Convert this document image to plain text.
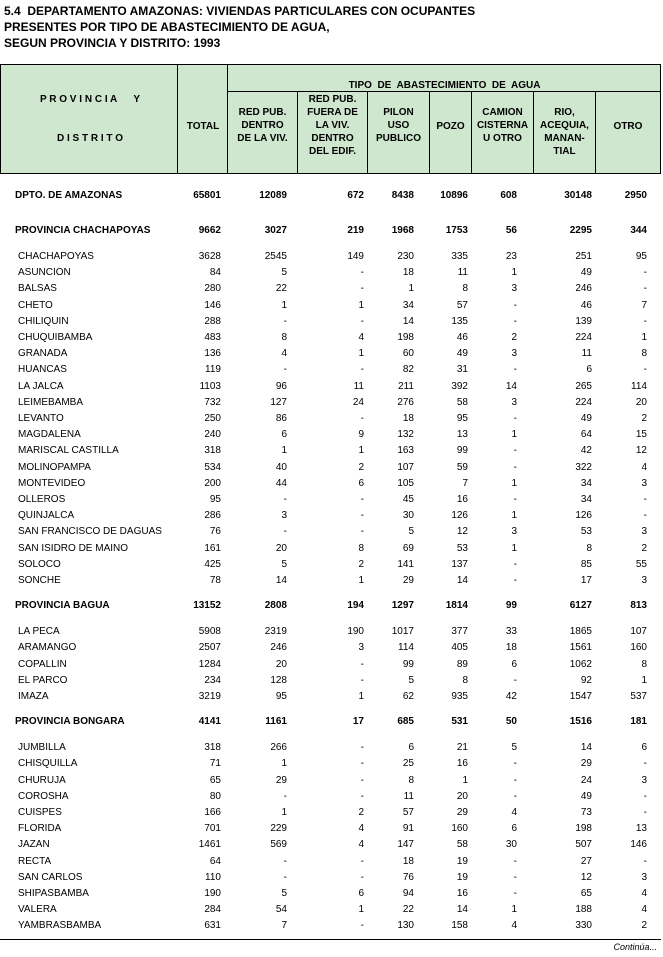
5.4  DEPARTAMENTO AMAZONAS: VIVIENDAS PARTICULARES CON OCUPANTES
PRESENTES POR TIPO DE ABASTECIMIENTO DE AGUA,
SEGUN PROVINCIA Y DISTRITO: 1993
P R O V I N C I A      Y

D I S T R I T O
TOTAL
TIPO  DE  ABASTECIMIENTO  DE  AGUA
RED PUB.
DENTRO
DE LA VIV.
RED PUB.
FUERA DE
LA VIV.
DENTRO
DEL EDIF.
PILON
USO
PUBLICO
POZO
CAMION
CISTERNA
U OTRO
RIO,
ACEQUIA,
MANAN-
TIAL
OTRO
DPTO. DE AMAZONAS	65801	12089	672	8438	10896	608	30148	2950
PROVINCIA CHACHAPOYAS	9662	3027	219	1968	1753	56	2295	344
CHACHAPOYAS	3628	2545	149	230	335	23	251	95
ASUNCION	84	5	-	18	11	1	49	-
BALSAS	280	22	-	1	8	3	246	-
CHETO	146	1	1	34	57	-	46	7
CHILIQUIN	288	-	-	14	135	-	139	-
CHUQUIBAMBA	483	8	4	198	46	2	224	1
GRANADA	136	4	1	60	49	3	11	8
HUANCAS	119	-	-	82	31	-	6	-
LA JALCA	1103	96	11	211	392	14	265	114
LEIMEBAMBA	732	127	24	276	58	3	224	20
LEVANTO	250	86	-	18	95	-	49	2
MAGDALENA	240	6	9	132	13	1	64	15
MARISCAL CASTILLA	318	1	1	163	99	-	42	12
MOLINOPAMPA	534	40	2	107	59	-	322	4
MONTEVIDEO	200	44	6	105	7	1	34	3
OLLEROS	95	-	-	45	16	-	34	-
QUINJALCA	286	3	-	30	126	1	126	-
SAN FRANCISCO DE DAGUAS	76	-	-	5	12	3	53	3
SAN ISIDRO DE MAINO	161	20	8	69	53	1	8	2
SOLOCO	425	5	2	141	137	-	85	55
SONCHE	78	14	1	29	14	-	17	3
PROVINCIA BAGUA	13152	2808	194	1297	1814	99	6127	813
LA PECA	5908	2319	190	1017	377	33	1865	107
ARAMANGO	2507	246	3	114	405	18	1561	160
COPALLIN	1284	20	-	99	89	6	1062	8
EL PARCO	234	128	-	5	8	-	92	1
IMAZA	3219	95	1	62	935	42	1547	537
PROVINCIA BONGARA	4141	1161	17	685	531	50	1516	181
JUMBILLA	318	266	-	6	21	5	14	6
CHISQUILLA	71	1	-	25	16	-	29	-
CHURUJA	65	29	-	8	1	-	24	3
COROSHA	80	-	-	11	20	-	49	-
CUISPES	166	1	2	57	29	4	73	-
FLORIDA	701	229	4	91	160	6	198	13
JAZAN	1461	569	4	147	58	30	507	146
RECTA	64	-	-	18	19	-	27	-
SAN CARLOS	110	-	-	76	19	-	12	3
SHIPASBAMBA	190	5	6	94	16	-	65	4
VALERA	284	54	1	22	14	1	188	4
YAMBRASBAMBA	631	7	-	130	158	4	330	2
Continúa...
